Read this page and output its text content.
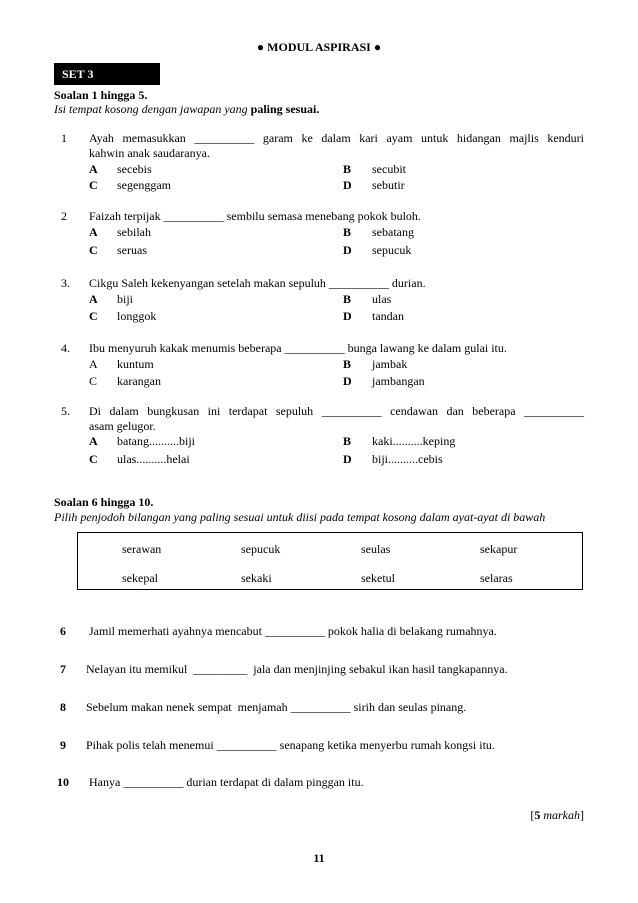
● MODUL ASPIRASI ●
SET 3
Soalan 1 hingga 5.
Isi tempat kosong dengan jawapan yang paling sesuai.
1 Ayah memasukkan __________ garam ke dalam kari ayam untuk hidangan majlis kenduri
kahwin anak saudaranya.
A secebis	B secubit
C segenggam	D sebutir
2 Faizah terpijak __________ sembilu semasa menebang pokok buloh.
A sebilah	B sebatang
C seruas	D sepucuk
3. Cikgu Saleh kekenyangan setelah makan sepuluh __________ durian.
A biji	B ulas
C longgok	D tandan
4. Ibu menyuruh kakak menumis beberapa __________ bunga lawang ke dalam gulai itu.
A kuntum	B jambak
C karangan	D jambangan
5. Di dalam bungkusan ini terdapat sepuluh __________ cendawan dan beberapa __________
asam gelugor.
A batang..........biji	B kaki..........keping
C ulas..........helai	D biji..........cebis
Soalan 6 hingga 10.
Pilih penjodoh bilangan yang paling sesuai untuk diisi pada tempat kosong dalam ayat-ayat di bawah
serawan	sepucuk	seulas	sekapur
sekepal	sekaki	seketul	selaras
6 Jamil memerhati ayahnya mencabut __________ pokok halia di belakang rumahnya.
7 Nelayan itu memikul  _________  jala dan menjinjing sebakul ikan hasil tangkapannya.
8 Sebelum makan nenek sempat  menjamah __________ sirih dan seulas pinang.
9 Pihak polis telah menemui __________ senapang ketika menyerbu rumah kongsi itu.
10 Hanya __________ durian terdapat di dalam pinggan itu.
[5 markah]
11
